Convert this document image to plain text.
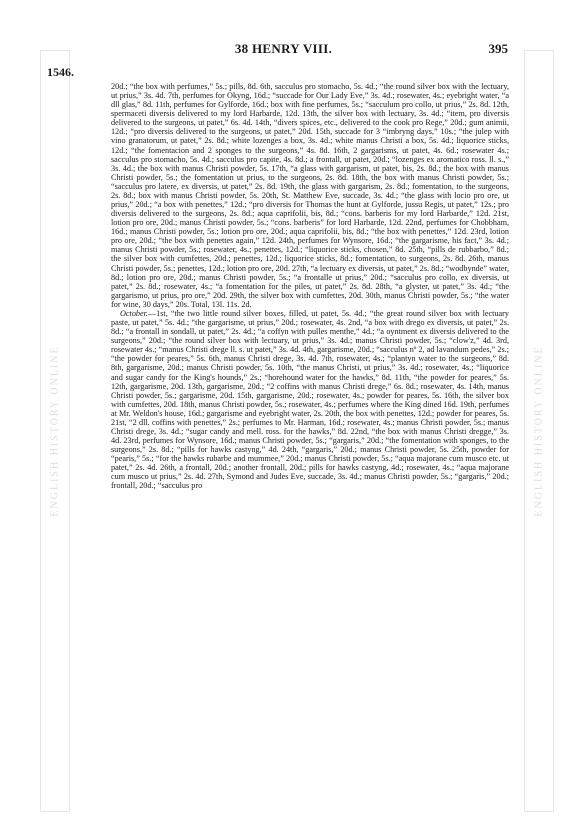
ENGLISH HISTORY ONLINE	ENGLISH HISTORY ONLINE
38 HENRY VIII.	395
1546.

20d.; “the box with perfumes,” 5s.; pills, 8d. 6th, sacculus pro stomacho, 5s. 4d.; “the round silver box with the lectuary, ut prius,” 3s. 4d. 7th, perfumes for Okyng, 16d.; “succade for Our Lady Eve,” 3s. 4d.; rosewater, 4s.; eyebright water, “a dll glas,” 8d. 11th, perfumes for Gylforde, 16d.; box with fine perfumes, 5s.; “sacculum pro collo, ut prius,” 2s. 8d. 12th, spermaceti diversis delivered to my lord Harbarde, 12d. 13th, the silver box with lectuary, 3s. 4d.; “item, pro diversis delivered to the surgeons, ut patet,” 6s. 4d. 14th, “divers spices, etc., delivered to the cook pro Rege,” 20d.; gum animii, 12d.; “pro diversis delivered to the surgeons, ut patet,” 20d. 15th, succade for 3 “imbryng days,” 10s.; “the julep with vino granatorum, ut patet,” 2s. 8d.; white lozenges a box, 3s. 4d.; white manus Christi a box, 5s. 4d.; liquorice sticks, 12d.; “the fomentacion and 2 sponges to the surgeons,” 4s. 8d. 16th, 2 gargarisms, ut patet, 4s. 6d.; rosewater 4s.; sacculus pro stomacho, 5s. 4d.; sacculus pro capite, 4s. 8d.; a frontall, ut patet, 20d.; “lozenges ex aromatico ross. ll. s.,” 3s. 4d.; the box with manus Christi powder, 5s. 17th, “a glass with gargarism, ut patet, bis, 2s. 8d.; the box with manus Christi powder, 5s.; the fomentation ut prius, to the surgeons, 2s. 8d. 18th, the box with manus Christi powder, 5s.; “sacculus pro latere, ex diversis, ut patet,” 2s. 8d. 19th, the glass with gargarism, 2s. 8d.; fomentation, to the surgeons, 2s. 8d.; box with manus Christi powder, 5s. 20th, St. Matthew Eve, succade, 3s. 4d.; “the glass with locio pro ore, ut prius,” 20d.; “a box with penettes,” 12d.; “pro diversis for Thomas the hunt at Gylforde, jussu Regis, ut patet,” 12s.; pro diversis delivered to the surgeons, 2s. 8d.; aqua caprifolii, bis, 8d.; “cons. barberis for my lord Harbarde,” 12d. 21st, lotion pro ore, 20d.; manus Christi powder, 5s.; “cons. barberis” for lord Harbarde, 12d. 22nd, perfumes for Chobbham, 16d.; manus Christi powder, 5s.; lotion pro ore, 20d.; aqua caprifolii, bis, 8d.; “the box with penettes,” 12d. 23rd, lotion pro ore, 20d.; “the box with penettes again,” 12d. 24th, perfumes for Wynsore, 16d.; “the gargarisme, his fact,” 3s. 4d.; manus Christi powder, 5s.; rosewater, 4s.; penettes, 12d.; “liquorice sticks, chosen,” 8d. 25th, “pills de rubbarbo,” 8d.; the silver box with cumfettes, 20d.; penettes, 12d.; liquorice sticks, 8d.; fomentation, to surgeons, 2s. 8d. 26th, manus Christi powder, 5s.; penettes, 12d.; lotion pro ore, 20d. 27th, “a lectuary ex diversis, ut patet,” 2s. 8d.; “wodbynde” water, 8d.; lotion pro ore, 20d.; manus Christi powder, 5s.; “a frontalle ut prius,” 20d.; “sacculus pro collo, ex diversis, ut patet,” 2s. 8d.; rosewater, 4s.; “a fomentation for the piles, ut patet,” 2s. 8d. 28th, “a glyster, ut patet,” 3s. 4d.; “the gargarismo, ut prius, pro ore,” 20d. 29th, the silver box with cumfettes, 20d. 30th, manus Christi powder, 5s.; “the water for wine, 30 days,” 20s. Total, 13l. 11s. 2d.

October.—1st, “the two little round silver boxes, filled, ut patet, 5s. 4d.; “the great round silver box with lectuary paste, ut patet,” 5s. 4d.; “the gargarisme, ut prius,” 20d.; rosewater, 4s. 2nd, “a box with drego ex diversis, ut patet,” 2s. 8d.; “a frontall in sondall, ut patet,” 2s. 4d.; “a coffyn with pulles menthe,” 4d.; “a oyntment ex diversis delivered to the surgeons,” 20d.; “the round silver box with lectuary, ut prius,” 3s. 4d.; manus Christi powder, 5s.; “clow'z,” 4d. 3rd, rosewater 4s.; “manus Christi drege ll. s. ut patet,” 3s. 4d. 4th, gargarisme, 20d.; “sacculus nº 2, ad lavandum pedes,” 2s.; “the powder for peares,” 5s. 6th, manus Christi drege, 3s. 4d. 7th, rosewater, 4s.; “plantyn water to the surgeons,” 8d. 8th, gargarisme, 20d.; manus Christi powder, 5s. 10th, “the manus Christi, ut prius,” 3s. 4d.; rosewater, 4s.; “liquorice and sugar candy for the King's hounds,” 2s.; “horehound water for the hawks,” 8d. 11th, “the powder for peares,” 5s. 12th, gargarisme, 20d. 13th, gargarisme, 20d.; “2 coffins with manus Christi drege,” 6s. 8d.; rosewater, 4s. 14th, manus Christi powder, 5s.; gargarisme, 20d. 15th, gargarisme, 20d.; rosewater, 4s.; powder for peares, 5s. 16th, the silver box with cumfettes, 20d. 18th, manus Christi powder, 5s.; rosewater, 4s.; perfumes where the King dined 16d. 19th, perfumes at Mr. Weldon's house, 16d.; gargarisme and eyebright water, 2s. 20th, the box with penettes, 12d.; powder for peares, 5s. 21st, “2 dll. coffins with penettes,” 2s.; perfumes to Mr. Harman, 16d.; rosewater, 4s.; manus Christi powder, 5s.; manus Christi drege, 3s. 4d.; “sugar candy and mell. ross. for the hawks,” 8d. 22nd, “the box with manus Christi dregge,” 3s. 4d. 23rd, perfumes for Wynsore, 16d.; manus Christi powder, 5s.; “gargaris,” 20d.; “the fomentation with sponges, to the surgeons,” 2s. 8d.; “pills for hawks castyng,” 4d. 24th, “gargaris,” 20d.; manus Christi powder, 5s. 25th, powder for “pearis,” 5s.; “for the hawks rubarbe and mummee,” 20d.; manus Christi powder, 5s.; “aqua majorane cum musco etc. ut patet,” 2s. 4d. 26th, a frontall, 20d.; another frontall, 20d.; pills for hawks castyng, 4d.; rosewater, 4s.; “aqua majorane cum musco ut prius,” 2s. 4d. 27th, Symond and Judes Eve, succade, 3s. 4d.; manus Christi powder, 5s.; “gargaris,” 20d.; frontall, 20d.; “sacculus pro
